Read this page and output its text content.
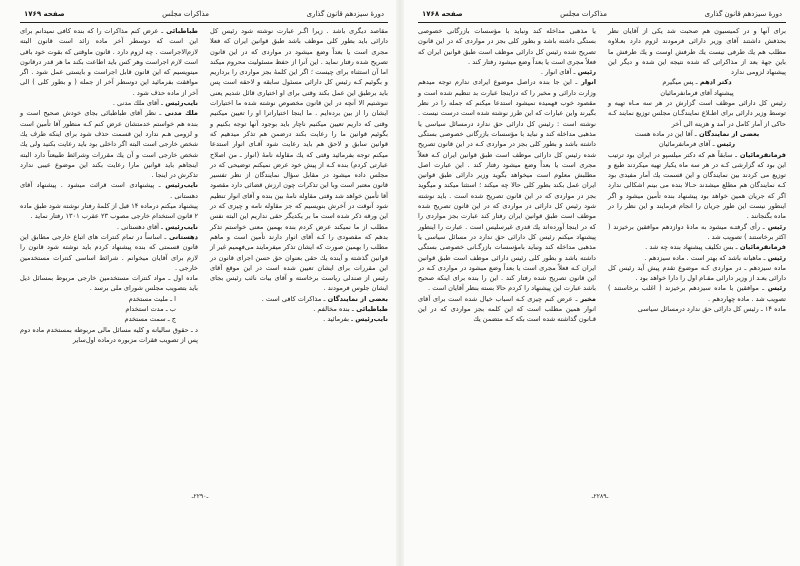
دورهٔ سیزدهم قانون گذاری
مذاکرات مجلس
صفحه ۱۷۶۹

مقاصد دیگری باشد . زیرا اگـر عبارت نوشته شود رئیس کل دارائی باید بطور کلی موظف باشد طبق قوانین ایران که فعلا مجری است یا بعداً وضع میشود در مواردی که در این قانون تصریح شده رفتار نماید . این آنرا از حفظ مسئولیت محروم میکند اما آن استثناء برای چیست ؛ اگر این کلمهٔ بجز مواردی را برداریم و بگوئیم کـه رئیس کل دارائی مسئول سابقه و لاحقه است پس باید برطبق این عمل بکند وقتی برای او اختیاری قائل شدیم یعنی ننوشتیم الا آنچه در این قانون مخصوص نوشته شده ما اختیارات ایشان را از بین برده‌ایم . ما اینجا اختیاراترا او را تعیین میکنیم وقتی که داریم تعیین میکنیم ناچار باید بوجود آنها توجه بکنیم و بگوئیم قوانین ما را رعایت بکند درضمن هم تذکر میدهیم که قوانین سابق و لاحق هم باید رعایت شود آقـای انوار استدعا میکنم توجه بفرمائید وقتی که یك مقاوله نامهٔ (انوار ـ من اصلاح عبارتی کردم) بنده کـه از پیش خود عرض نمیکنم توضیحی که در مجلس داده میشود در مقابل سؤال نمایندگان از نظر تفسیر قانون معتبر است وبا این تذکرات چون ارزش قضائی دارد مقصود آقا تأمین خواهد شد وقتی مقاوله نامهٔ بین بنده و آقای انوار تنظیم شود آنوقت در آخرش بنویسیم که جز مقاوله نامه و چیزی که در این ورقه ذکر شده است ما بر یکدیگر حقی نداریم این البته نفس مطلب از ما نمیکند عرض کردم بنده بهمین معنی خواستم تذکر بدهم که مقصودی را کـه آقای انوار دارند تأمین است و ماهم مطلب را بهمین صورت که ایشان تذکر میفرمایند می‌فهمیم غیر از قوانین گذشته و آینده یك حقی بعنوان حق حسن اجرای قانون در این مقررات برای ایشان تعیین شده است در این موقع آقای رئیس از صندلی ریاست برخاسته و آقای بیات نائب رئیس بجای ایشان جلوس فرمودند .

بعضی از نمایندگان ـ مذاکرات کافی است .

طباطبائی ـ بنده مخالفم .

نایب‌رئیس ـ بفرمائید .

طباطبائی ـ عرض کنم مذاکرات را که بنده کافی نمیدانم برای این است که دوسطر آخر ماده زائد است قانون البته لازم‌الاجراست . چه لزوم دارد . قانون ماوقتی که بقوت خود باقی است لازم اجراست وهر کس باید اطاعت بکند ما هر قدر درقانون مینویسیم که این قانون قابل اجراست و بایستی عمل شود . اگر موافقت بفرمائید این دوسطر آخر از جمله ( و بطور کلی ) الی آخر از ماده حذف شود .

نایب‌رئیس ـ آقای ملك مدنی .

ملك مدنی ـ نظر آقای طباطبائی بجای خودش صحیح است و بنده هم خواستم خدمتشان عرض کنم کـه منظور آقا تأمین است و لزومی هـم ندارد این قسمت حذف شود برای اینکه طرف یك شخص خارجی است البته اگر داخلی بود باید رعایت بکنید ولی یك شخص خارجی است و آن یك مقررات وشرائط طبیعتاً دارد البته اینجاهم باید قوانین مارا رعایت بکند این موضوع عیبی ندارد تذکرش در اینجا .

نایب‌رئیس ـ پیشنهادی است قرائت میشود . پیشنهاد آقای دهستانی .

پیشنهاد میکنم درماده ۱۴ قبل از کلمهٔ رفتار نوشته شود طبق ماده ۲ قانون استخدام خارجی مصوب ۲۳ عقرب ۱۳۰۱ رفتار نماید .

نایب‌رئیس ـ آقای دهستانی .

دهستانی ـ اساساً در تمام کنترات های اتباع خارجی مطابق این قانون قسمتی که بنده پیشنهاد کردم باید نوشته شود قانون را لازم برای آقایان میخوانم . شرائط اساسی کنترات مستخدمین خارجی .

ماده اول ـ مواد کنترات مستخدمین خارجی مربوط بمسائل ذیل باید بتصویب مجلس شورای ملی برسد .

ا ـ ملیت مستخدم

ب ـ مدت استخدام

ج ـ سمت مستخدم

د ـ حقوق سالیانه و کلیه مسائل مالی مربوطه بمستخدم ماده دوم پس از تصویب فقرات مزبوره درماده اول‌سایر

ـ۲۲۹۰ـ
دورهٔ سیزدهم قانون گذاری
مذاکرات مجلس
صفحه ۱۷۶۸

برای آنها و در کمیسیون هم صحبت شد یکی از آقایان نظر بحذفش داشتند آقای وزیر دارائی فرمودند لزوم دارد بعـلاوه مطلب هم یك طرفی نیست یك طرفش اوست و یك طرفش ما باین جهة بعد از مذاکراتی که شده نتیجه این شده و دیگر این پیشنهاد لزومی ندارد

دکتر ادهم ـ پس میگیرم

پیشنهاد آقای فرمانفرمائیان

رئیس کل دارائی موظف است گزارش در هر سه مـاه تهیه و توسط وزیر دارائی برای اطـلاع نمایندگـان مجلس توزیع نمایند کـه حاکی از آمار کامل در آمد و هزینه الی آخر

بعضی از نمایندگان ـ آقا این در ماده هست

رئیس ـ آقای فرمانفرمائیان

فرمانفرمائیان ـ سابقاً هم که دکتر میلسپو در ایران بود ترتیب این بود که گزارشی کـه در هر سه ماه یکبار تهیه میکردند طبع و توزیع می کردند بین نمایندگان و این قسمت یك آمار مفیدی بود کـه نمایندگان هم مطلع میشدند حـالا بنده می بینم اشکالی ندارد اگر که جریان همین خواهد بود پیشنهاد بنده تأمین میشود و اگر اینطور نیست این طور جریان را انجام فرمایند و این نظر را در ماده بگنجانند .

رئیس ـ رأی گرفتـه میشود به مادهٔ دوازدهم موافقین برخیزند ( اکثر برخاستند ) تصویب شد .

فرمانفرمائیان ـ بس تکلیف پیشنهاد بنده چه شد .

رئیس ـ ماهیانه باشد که بهتر است . ماده سیزدهم .

ماده سیزدهم ـ در مواردی کـه موضوع تقدم پیش آید رئیس کل دارائی بعـد از وزیر دارائی مقـام اول را دارا خواهد بود .

رئیس ـ موافقین با ماده سیزدهم برخیزند ( اغلب برخاستند ) تصویب شد . ماده چهاردهم .

ماده ۱۴ ـ رئیس کل دارائی حق ندارد درمسائل سیاسی

یا مذهبی مداخله کند ونباید با مؤسسات بازرگانی خصوصی بستگی داشته باشد و بطور کلی بجز در مواردی که در این قانون تصریح شده رئیس کل دارائی موظف است طبق قوانین ایران که فعلاً مجری است یا بعداً وضع میشود رفتار کند .

رئیس ـ آقای انوار .

انوار ـ این جا بنده دراصل موضوع ایرادی ندارم توجه میدهم وزارت دارائی و مخبر را که دراینجا عبارت بد تنظیم شده است و مقصود خوب فهمیده نمیشود استدعا میکنم که جمله را در نظر بگیرند واین عبارات که این طرز نوشته شده است درست نیست . نوشته است : رئیس کل دارائی حق ندارد درمسائل سیاسی یا مذهبی مداخله کند و نباید با مؤسسات بازرگانی خصوصی بستگی داشته باشد و بطور کلی بجز در مواردی کـه در این قانون تصریح شده رئیس کل دارائی موظف است طبق قوانین ایران کـه فعلاً مجری است یا بعداً وضع میشود رفتار کند . این عبارت اصل مطلبش معلوم است میخواهد بگوید وزیر دارائی طبق قوانین ایران عمل بکند بطور کلی حالا چه میکند ؛ استثنا میکند و میگوید بجز در مواردی که در این قانون تصریح شده است . باید نوشته شود رئیس کل دارائی در مواردی که در این قانون تصریح شده موظف است طبق قوانین ایران رفتار کند عبارت بجز مواردی را که در اینجا آورده‌اند یك قدری غیرسلیس است . عبارت را اینطور پیشنهاد میکنم رئیس کل دارائی حق ندارد در مسائل سیاسی یا مذهبی مداخله کند ونباید بامؤسسات بازرگـانی خصوصی بستگی داشته باشد و بطور کلی رئیس دارائی موظف است طبق قوانین ایران کـه فعلاً مجری است یا بعداً وضع میشود در مواردی کـه در این قانون تصریح شده رفتار کند . این را بنده برای اینکه صحیح باشد عبارت این پیشنهاد را کردم حالا بسته بنظر آقایان است .

مخبر ـ عرض کنم چیزی کـه اسباب خیال شده است برای آقای انوار همین مطلب است که این کلمه بجز مواردی که در این قـانون گذاشته شده است بکه کـه متضمن یك

ـ۲۲۸۹ـ
